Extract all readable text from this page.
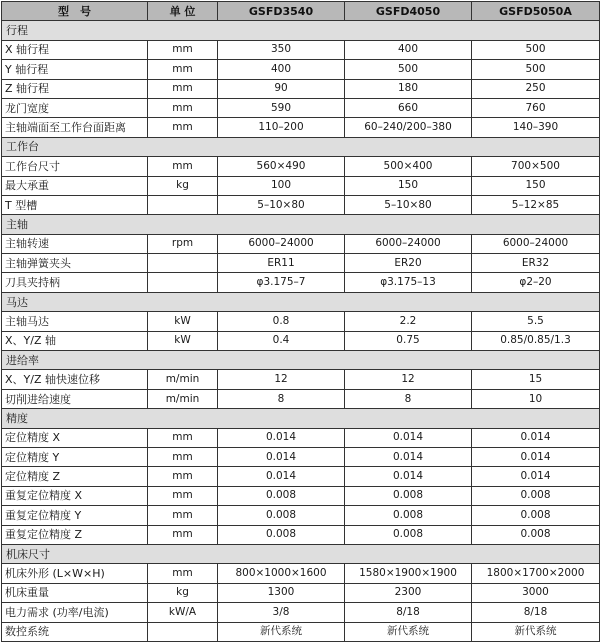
型　号	单 位	GSFD3540	GSFD4050	GSFD5050A
行程				
X 轴行程	mm	350	400	500
Y 轴行程	mm	400	500	500
Z 轴行程	mm	90	180	250
龙门宽度	mm	590	660	760
主轴端面至工作台面距离	mm	110–200	60–240/200–380	140–390
工作台				
工作台尺寸	mm	560×490	500×400	700×500
最大承重	kg	100	150	150
T 型槽		5–10×80	5–10×80	5–12×85
主轴				
主轴转速	rpm	6000–24000	6000–24000	6000–24000
主轴弹簧夹头		ER11	ER20	ER32
刀具夹持柄		φ3.175–7	φ3.175–13	φ2–20
马达				
主轴马达	kW	0.8	2.2	5.5
X、Y/Z 轴	kW	0.4	0.75	0.85/0.85/1.3
进给率				
X、Y/Z 轴快速位移	m/min	12	12	15
切削进给速度	m/min	8	8	10
精度				
定位精度 X	mm	0.014	0.014	0.014
定位精度 Y	mm	0.014	0.014	0.014
定位精度 Z	mm	0.014	0.014	0.014
重复定位精度 X	mm	0.008	0.008	0.008
重复定位精度 Y	mm	0.008	0.008	0.008
重复定位精度 Z	mm	0.008	0.008	0.008
机床尺寸				
机床外形 (L×W×H)	mm	800×1000×1600	1580×1900×1900	1800×1700×2000
机床重量	kg	1300	2300	3000
电力需求 (功率/电流)	kW/A	3/8	8/18	8/18
数控系统		新代系统	新代系统	新代系统
